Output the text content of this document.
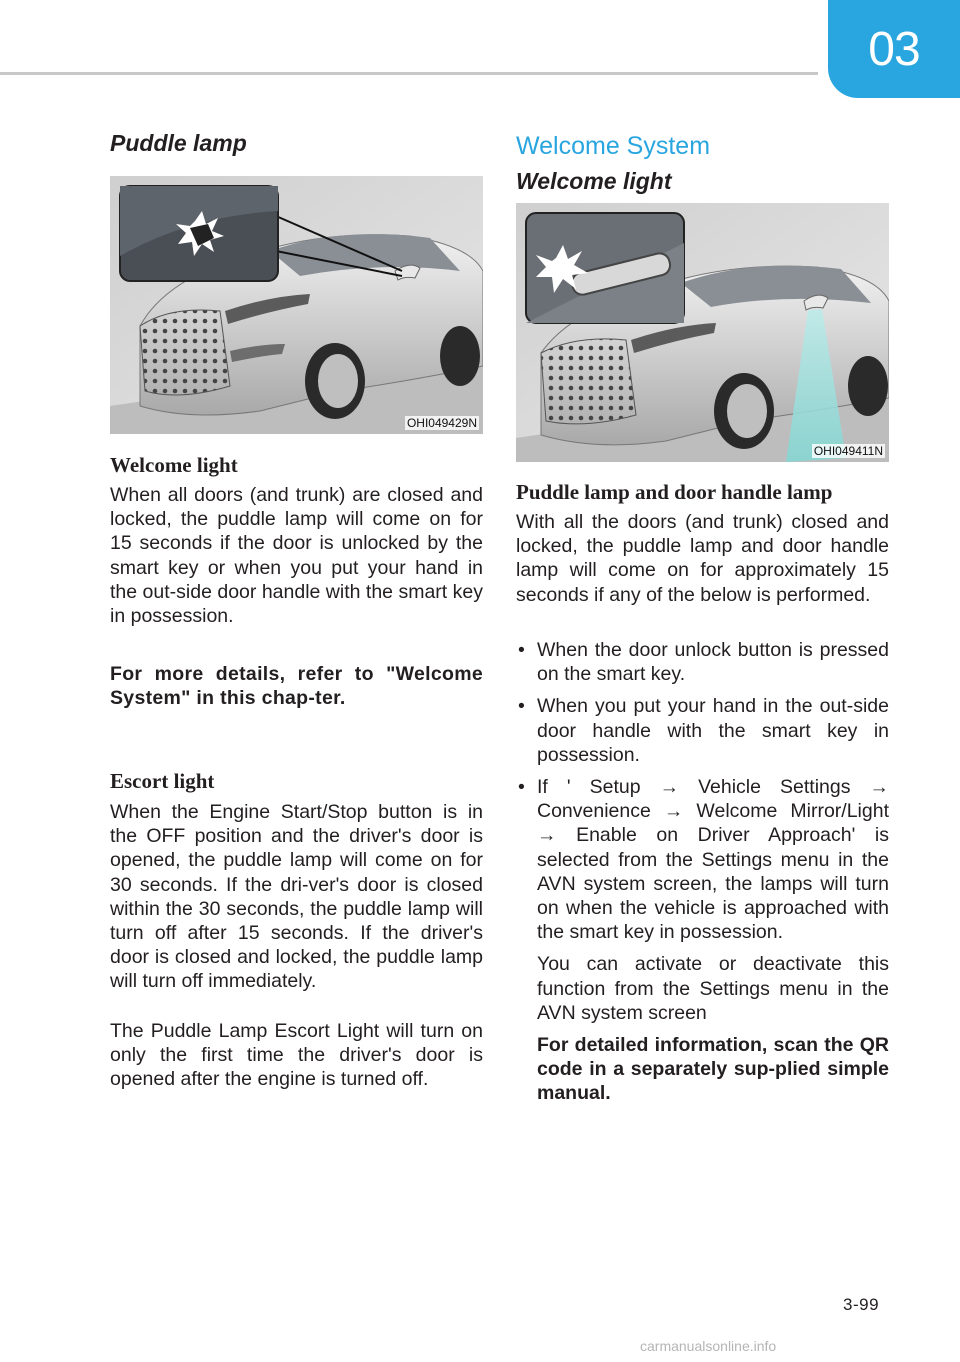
03
Puddle lamp
OHI049429N
Welcome light

When all doors (and trunk) are closed and locked, the puddle lamp will come on for 15 seconds if the door is unlocked by the smart key or when you put your hand in the out-side door handle with the smart key in possession.

For more details, refer to "Welcome System" in this chap-ter.

Escort light

When the Engine Start/Stop button is in the OFF position and the driver's door is opened, the puddle lamp will come on for 30 seconds. If the dri-ver's door is closed within the 30 seconds, the puddle lamp will turn off after 15 seconds. If the driver's door is closed and locked, the puddle lamp will turn off immediately.

The Puddle Lamp Escort Light will turn on only the first time the driver's door is opened after the engine is turned off.

Welcome System
Welcome light
OHI049411N
Puddle lamp and door handle lamp

With all the doors (and trunk) closed and locked, the puddle lamp and door handle lamp will come on for approximately 15 seconds if any of the below is performed.

• When the door unlock button is pressed on the smart key.
• When you put your hand in the out-side door handle with the smart key in possession.
• If ' Setup → Vehicle Settings → Convenience → Welcome Mirror/Light → Enable on Driver Approach' is selected from the Settings menu in the AVN system screen, the lamps will turn on when the vehicle is approached with the smart key in possession.

You can activate or deactivate this function from the Settings menu in the AVN system screen

For detailed information, scan the QR code in a separately sup-plied simple manual.

3-99
carmanualsonline.info
